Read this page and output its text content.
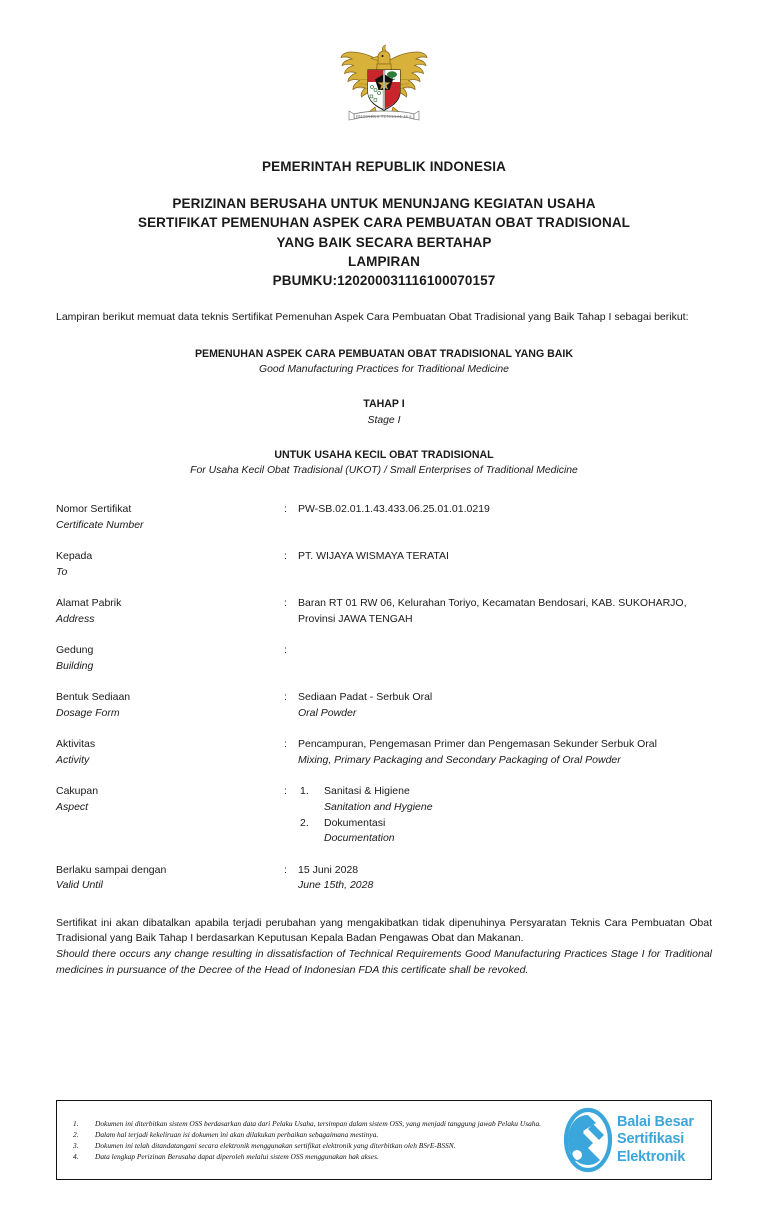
BHINNEKA TUNGGAL IKA
PEMERINTAH REPUBLIK INDONESIA
PERIZINAN BERUSAHA UNTUK MENUNJANG KEGIATAN USAHA
SERTIFIKAT PEMENUHAN ASPEK CARA PEMBUATAN OBAT TRADISIONAL
YANG BAIK SECARA BERTAHAP
LAMPIRAN
PBUMKU:120200031116100070157

Lampiran berikut memuat data teknis Sertifikat Pemenuhan Aspek Cara Pembuatan Obat Tradisional yang Baik Tahap I sebagai berikut:

PEMENUHAN ASPEK CARA PEMBUATAN OBAT TRADISIONAL YANG BAIK
Good Manufacturing Practices for Traditional Medicine
TAHAP I
Stage I
UNTUK USAHA KECIL OBAT TRADISIONAL
For Usaha Kecil Obat Tradisional (UKOT) / Small Enterprises of Traditional Medicine
Nomor Sertifikat
Certificate Number	:	PW-SB.02.01.1.43.433.06.25.01.01.0219

Kepada
To	:	PT. WIJAYA WISMAYA TERATAI

Alamat Pabrik
Address	:	Baran RT 01 RW 06, Kelurahan Toriyo, Kecamatan Bendosari, KAB. SUKOHARJO, Provinsi JAWA TENGAH

Gedung
Building	:	

Bentuk Sediaan
Dosage Form	:	Sediaan Padat - Serbuk Oral
Oral Powder

Aktivitas
Activity	:	Pencampuran, Pengemasan Primer dan Pengemasan Sekunder Serbuk Oral
Mixing, Primary Packaging and Secondary Packaging of Oral Powder

Cakupan
Aspect
	:	1. Sanitasi & Higiene
Sanitation and Hygiene
2. Dokumentasi
Documentation

Berlaku sampai dengan
Valid Until	:	15 Juni 2028
June 15th, 2028
Sertifikat ini akan dibatalkan apabila terjadi perubahan yang mengakibatkan tidak dipenuhinya Persyaratan Teknis Cara Pembuatan Obat Tradisional yang Baik Tahap I berdasarkan Keputusan Kepala Badan Pengawas Obat dan Makanan.
Should there occurs any change resulting in dissatisfaction of Technical Requirements Good Manufacturing Practices Stage I for Traditional medicines in pursuance of the Decree of the Head of Indonesian FDA this certificate shall be revoked.
1. Dokumen ini diterbitkan sistem OSS berdasarkan data dari Pelaku Usaha, tersimpan dalam sistem OSS, yang menjadi tanggung jawab Pelaku Usaha.
2. Dalam hal terjadi kekeliruan isi dokumen ini akan dilakukan perbaikan sebagaimana mestinya.
3. Dokumen ini telah ditandatangani secara elektronik menggunakan sertifikat elektronik yang diterbitkan oleh BSrE-BSSN.
4. Data lengkap Perizinan Berusaha dapat diperoleh melalui sistem OSS menggunakan hak akses.
Balai Besar
Sertifikasi
Elektronik
